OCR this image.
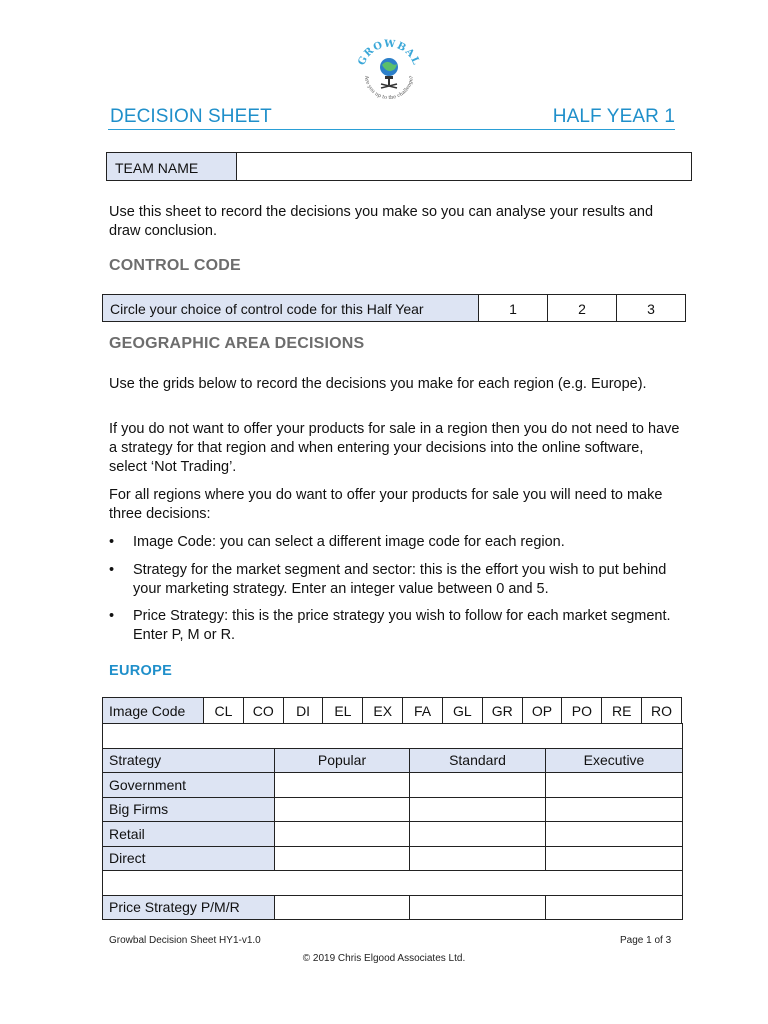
GROWBAL
Are you up to the challenge?
DECISION SHEET	HALF YEAR 1
TEAM NAME
Use this sheet to record the decisions you make so you can analyse your results and draw conclusion.
CONTROL CODE
Circle your choice of control code for this Half Year	1	2	3
GEOGRAPHIC AREA DECISIONS
Use the grids below to record the decisions you make for each region (e.g. Europe).
If you do not want to offer your products for sale in a region then you do not need to have a strategy for that region and when entering your decisions into the online software, select ‘Not Trading’.
For all regions where you do want to offer your products for sale you will need to make three decisions:
• Image Code: you can select a different image code for each region.
• Strategy for the market segment and sector: this is the effort you wish to put behind your marketing strategy. Enter an integer value between 0 and 5.
• Price Strategy: this is the price strategy you wish to follow for each market segment. Enter P, M or R.
EUROPE
Image Code	CL	CO	DI	EL	EX	FA	GL	GR	OP	PO	RE	RO

Strategy	Popular	Standard	Executive
Government			
Big Firms			
Retail			
Direct			

Price Strategy P/M/R			
Growbal Decision Sheet HY1-v1.0	Page 1 of 3
© 2019 Chris Elgood Associates Ltd.
